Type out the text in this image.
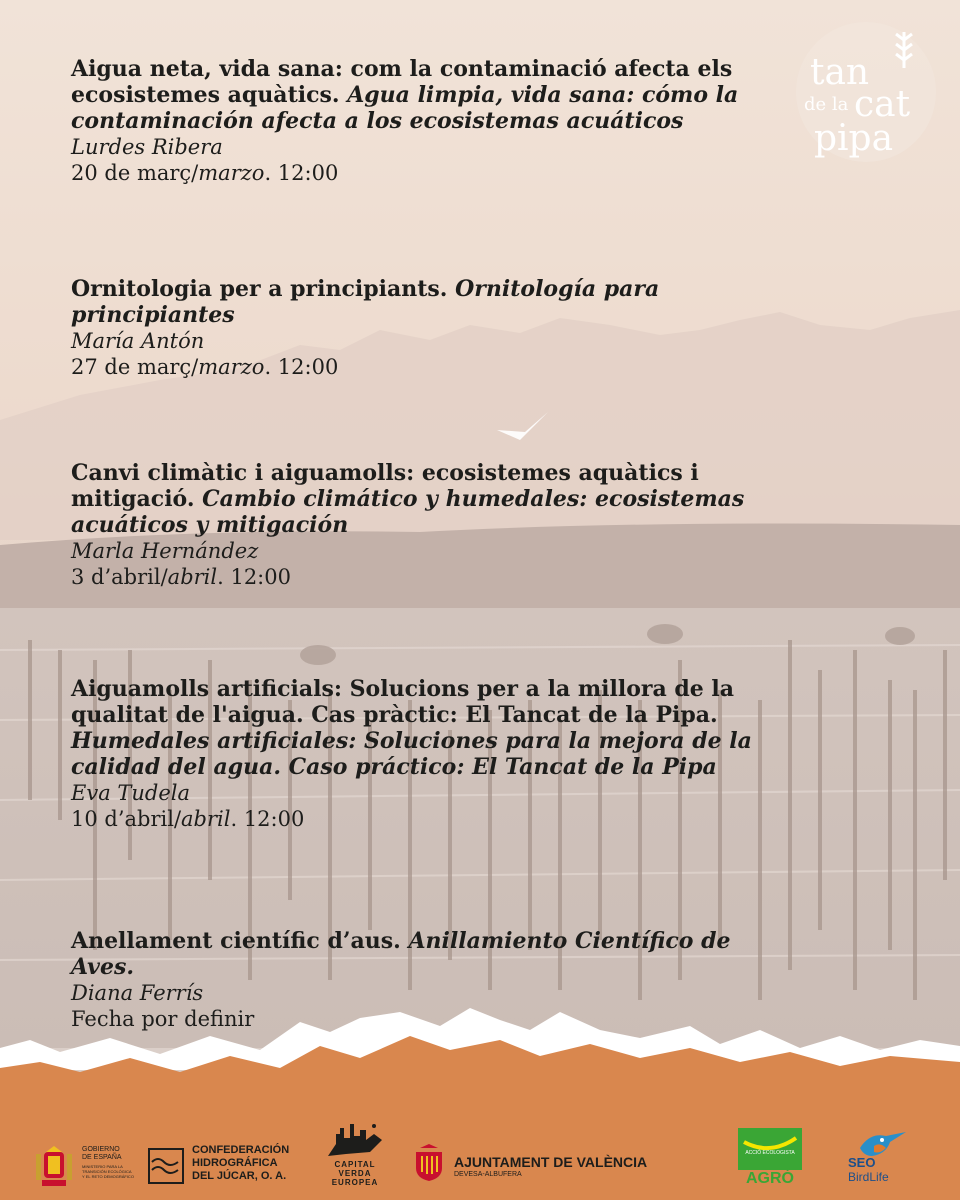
tan
de la cat
pipa
Aigua neta, vida sana: com la contaminació afecta els ecosistemes aquàtics. Agua limpia, vida sana: cómo la contaminación afecta a los ecosistemas acuáticos
Lurdes Ribera
20 de març/marzo. 12:00
Ornitologia per a principiants. Ornitología para principiantes
María Antón
27 de març/marzo. 12:00
Canvi climàtic i aiguamolls: ecosistemes aquàtics i mitigació. Cambio climático y humedales: ecosistemas acuáticos y mitigación
Marla Hernández
3 d’abril/abril. 12:00
Aiguamolls artificials: Solucions per a la millora de la qualitat de l'aigua. Cas pràctic: El Tancat de la Pipa. Humedales artificiales: Soluciones para la mejora de la calidad del agua. Caso práctico: El Tancat de la Pipa
Eva Tudela
10 d’abril/abril. 12:00
Anellament científic d’aus. Anillamiento Científico de Aves.
Diana Ferrís
Fecha por definir
GOBIERNO
DE ESPAÑA
MINISTERIO PARA LA
TRANSICIÓN ECOLÓGICA
Y EL RETO DEMOGRÁFICO
CONFEDERACIÓN
HIDROGRÁFICA
DEL JÚCAR, O. A.
CAPITAL VERDA
EUROPEA
AJUNTAMENT DE VALÈNCIA
DEVESA-ALBUFERA
ACCIÓ ECOLOGISTA
AGRÓ
SEO
BirdLife
